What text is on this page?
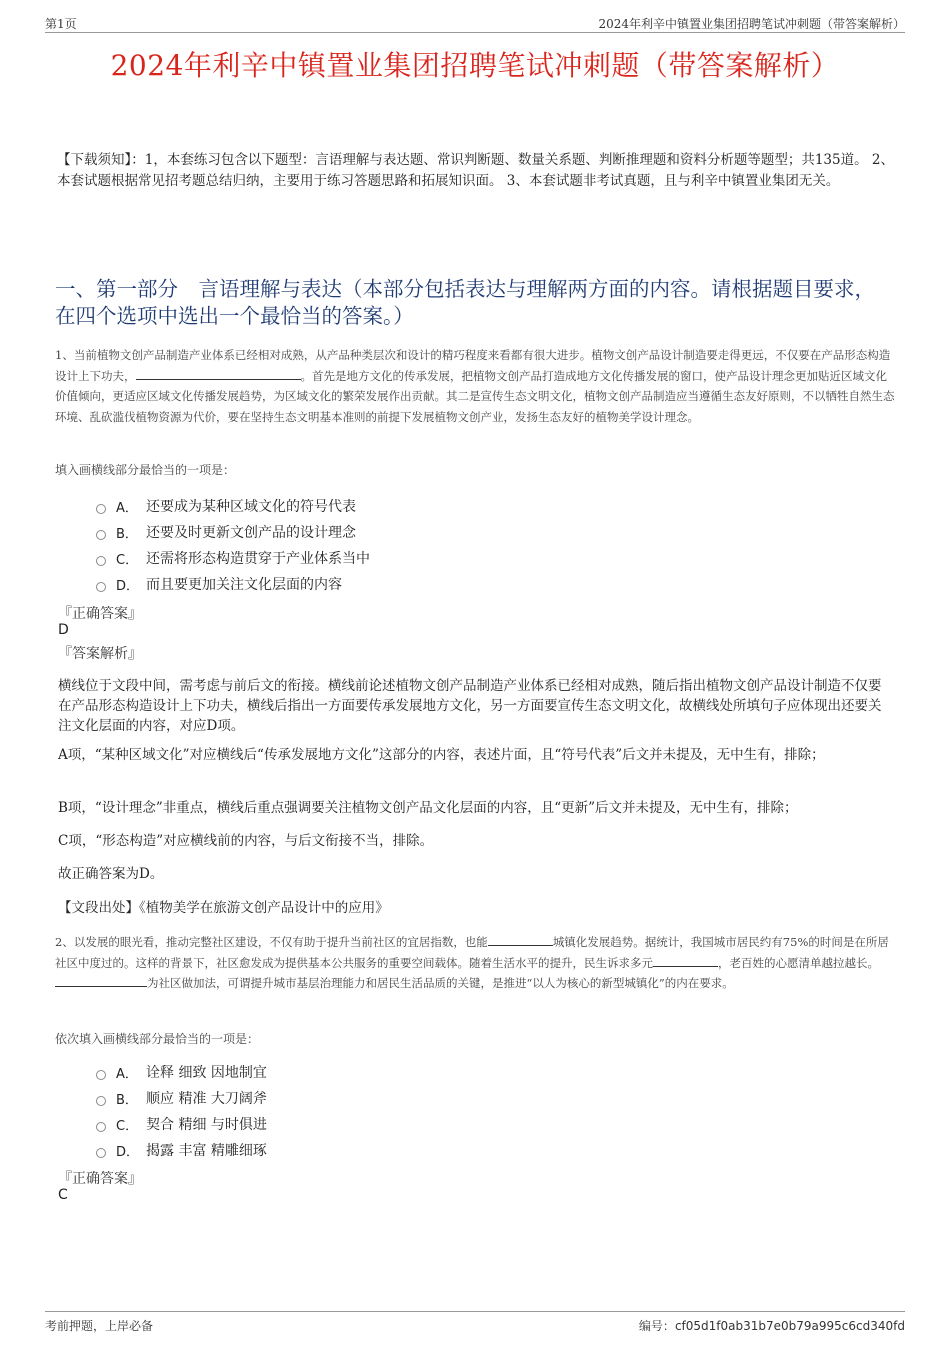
第1页	2024年利辛中镇置业集团招聘笔试冲刺题（带答案解析）
2024年利辛中镇置业集团招聘笔试冲刺题（带答案解析）
【下载须知】：1，本套练习包含以下题型：言语理解与表达题、常识判断题、数量关系题、判断推理题和资料分析题等题型；共135道。 2、本套试题根据常见招考题总结归纳，主要用于练习答题思路和拓展知识面。 3、本套试题非考试真题，且与利辛中镇置业集团无关。
一、第一部分　言语理解与表达（本部分包括表达与理解两方面的内容。请根据题目要求，在四个选项中选出一个最恰当的答案。）
1、当前植物文创产品制造产业体系已经相对成熟，从产品种类层次和设计的精巧程度来看都有很大进步。植物文创产品设计制造要走得更远，不仅要在产品形态构造设计上下功夫，	。首先是地方文化的传承发展，把植物文创产品打造成地方文化传播发展的窗口，使产品设计理念更加贴近区域文化价值倾向，更适应区域文化传播发展趋势，为区域文化的繁荣发展作出贡献。其二是宣传生态文明文化，植物文创产品制造应当遵循生态友好原则，不以牺牲自然生态环境、乱砍滥伐植物资源为代价，要在坚持生态文明基本准则的前提下发展植物文创产业，发扬生态友好的植物美学设计理念。
填入画横线部分最恰当的一项是：
A． 还要成为某种区域文化的符号代表
B． 还要及时更新文创产品的设计理念
C． 还需将形态构造贯穿于产业体系当中
D． 而且要更加关注文化层面的内容
『正确答案』
D
『答案解析』
横线位于文段中间，需考虑与前后文的衔接。横线前论述植物文创产品制造产业体系已经相对成熟，随后指出植物文创产品设计制造不仅要在产品形态构造设计上下功夫，横线后指出一方面要传承发展地方文化，另一方面要宣传生态文明文化，故横线处所填句子应体现出还要关注文化层面的内容，对应D项。
A项，“某种区域文化”对应横线后“传承发展地方文化”这部分的内容，表述片面，且“符号代表”后文并未提及，无中生有，排除；
B项，“设计理念”非重点，横线后重点强调要关注植物文创产品文化层面的内容，且“更新”后文并未提及，无中生有，排除；
C项，“形态构造”对应横线前的内容，与后文衔接不当，排除。
故正确答案为D。
【文段出处】《植物美学在旅游文创产品设计中的应用》
2、以发展的眼光看，推动完整社区建设，不仅有助于提升当前社区的宜居指数，也能	城镇化发展趋势。据统计，我国城市居民约有75%的时间是在所居社区中度过的。这样的背景下，社区愈发成为提供基本公共服务的重要空间载体。随着生活水平的提升，民生诉求多元	，老百姓的心愿清单越拉越长。  为社区做加法，可谓提升城市基层治理能力和居民生活品质的关键，是推进“以人为核心的新型城镇化”的内在要求。
依次填入画横线部分最恰当的一项是：
A． 诠释 细致 因地制宜
B． 顺应 精准 大刀阔斧
C． 契合 精细 与时俱进
D． 揭露 丰富 精雕细琢
『正确答案』
C
考前押题，上岸必备	编号：cf05d1f0ab31b7e0b79a995c6cd340fd
